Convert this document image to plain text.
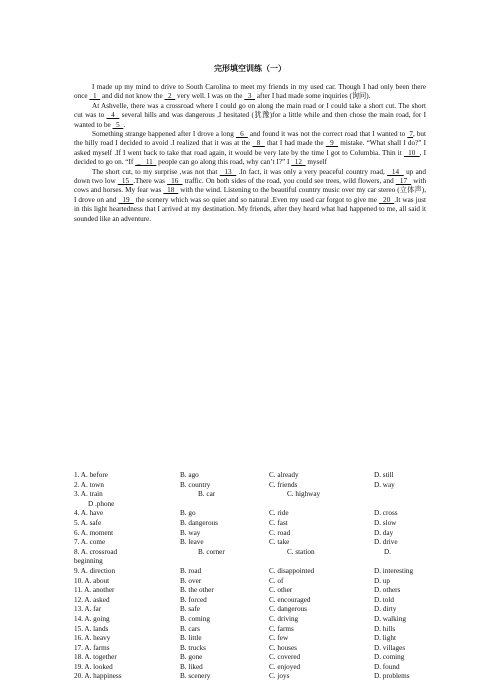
完形填空训练（一）

I made up my mind to drive to South Carolina to meet my friends in my used car. Though I had only been there once   1   and did not know the   2   very well. I was on the   3   after I had made some inquiries (询问).

At Ashvelle, there was a crossroad where I could go on along the main road or I could take a short cut. The short cut was to   4   several hills and was dangerous ,I hesitated (犹豫)for a little while and then chose the main road, for I wanted to be   5  .

Something strange happened after I drove a long   6   and found it was not the correct road that I wanted to  7, but the hilly road I decided to avoid .I realized that it was at the   8   that I had made the   9   mistake. “What shall I do?” I asked myself .If I went back to take that road again, it would be very late by the time I got to Columbia. Thin it   10  , I decided to go on. “If  _   11   people can go along this road, why can’t I?” I   12   myself

The short cut, to my surprise ,was not that   13   .In fact, it was only a very peaceful country road,   14   up and down two low   15  .There was   16   traffic. On both sides of the road, you could see trees, wild flowers, and   17   with cows and horses. My fear was   18   with the wind. Listening to the beautiful country music over my car stereo (立体声), I drove on and   19   the scenery which was so quiet and so natural .Even my used car forgot to give me   20  .It was just in this light heartedness that I arrived at my destination. My friends, after they heard what had happened to me, all said it sounded like an adventure.

1. A. before	B. ago	C. already	D. still
2. A. town	B. country	C. friends	D. way
3. A. train	B. car	C. highway
D .phone
4. A. have	B. go	C. ride	D. cross
5. A. safe	B. dangerous	C. fast	D. slow
6. A. moment	B. way	C. road	D. day
7. A. come	B. leave	C. take	D. drive
8. A. crossroad	B. corner	C. station	D.
beginning
9. A. direction	B. road	C. disappointed	D. interesting
10. A. about	B. over	C. of	D. up
11. A. another	B. the other	C. other	D. others
12. A. asked	B. forced	C. encouraged	D. told
13. A. far	B. safe	C. dangerous	D. dirty
14. A. going	B. coming	C. driving	D. walking
15. A. lands	B. cars	C. farms	D. hills
16. A. heavy	B. little	C. few	D. light
17. A. farms	B. trucks	C. houses	D. villages
18. A. together	B. gone	C. covered	D. coming
19. A. looked	B. liked	C. enjoyed	D. found
20. A. happiness	B. scenery	C. joys	D. problems
